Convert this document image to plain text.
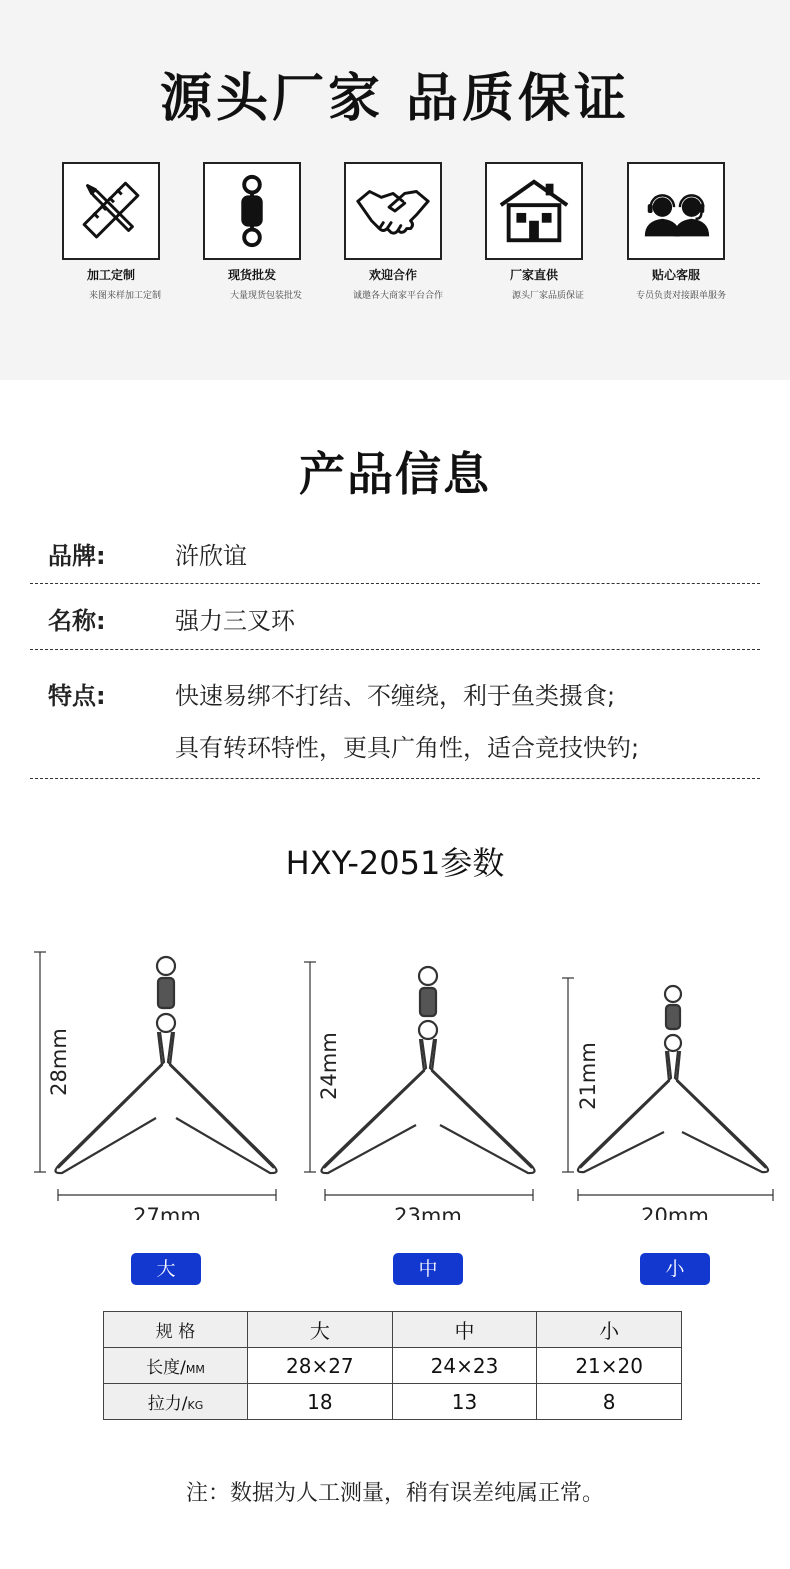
源头厂家 品质保证
加工定制
来图来样加工定制
现货批发
大量现货包装批发
欢迎合作
诚邀各大商家平台合作
厂家直供
源头厂家品质保证
贴心客服
专员负责对接跟单服务
产品信息
品牌:	浒欣谊
名称:	强力三叉环
特点:	快速易绑不打结、不缠绕，利于鱼类摄食;
具有转环特性，更具广角性，适合竞技快钓;
HXY-2051参数
28mm
27mm
24mm
23mm
21mm
20mm
大	中	小
规 格	大	中	小
长度/MM	28×27	24×23	21×20
拉力/KG	18	13	8
注：数据为人工测量，稍有误差纯属正常。
